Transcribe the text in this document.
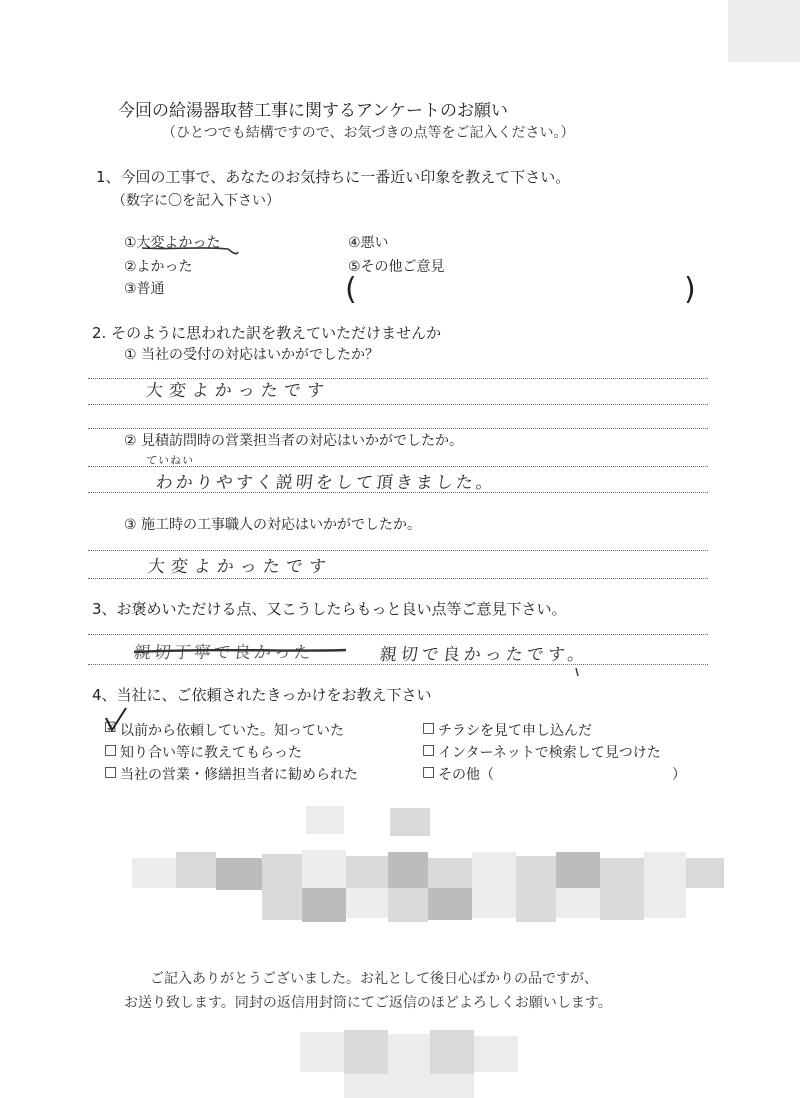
今回の給湯器取替工事に関するアンケートのお願い
（ひとつでも結構ですので、お気づきの点等をご記入ください。）
1、今回の工事で、あなたのお気持ちに一番近い印象を教えて下さい。
（数字に〇を記入下さい）
①大変よかった
②よかった
③普通
④悪い
⑤その他ご意見
(	)
2. そのように思われた訳を教えていただけませんか
① 当社の受付の対応はいかがでしたか？
大変よかったです
② 見積訪問時の営業担当者の対応はいかがでしたか。
ていねい
わかりやすく説明をして頂きました。
③ 施工時の工事職人の対応はいかがでしたか。
大変よかったです
3、お褒めいただける点、又こうしたらもっと良い点等ご意見下さい。
親切丁寧で良かった	親切で良かったです。
4、当社に、ご依頼されたきっかけをお教え下さい
☑ 以前から依頼していた。知っていた
□ 知り合い等に教えてもらった
□ 当社の営業・修繕担当者に勧められた
□ チラシを見て申し込んだ
□ インターネットで検索して見つけた
□ その他（	）
ご記入ありがとうございました。お礼として後日心ばかりの品ですが、
お送り致します。同封の返信用封筒にてご返信のほどよろしくお願いします。
